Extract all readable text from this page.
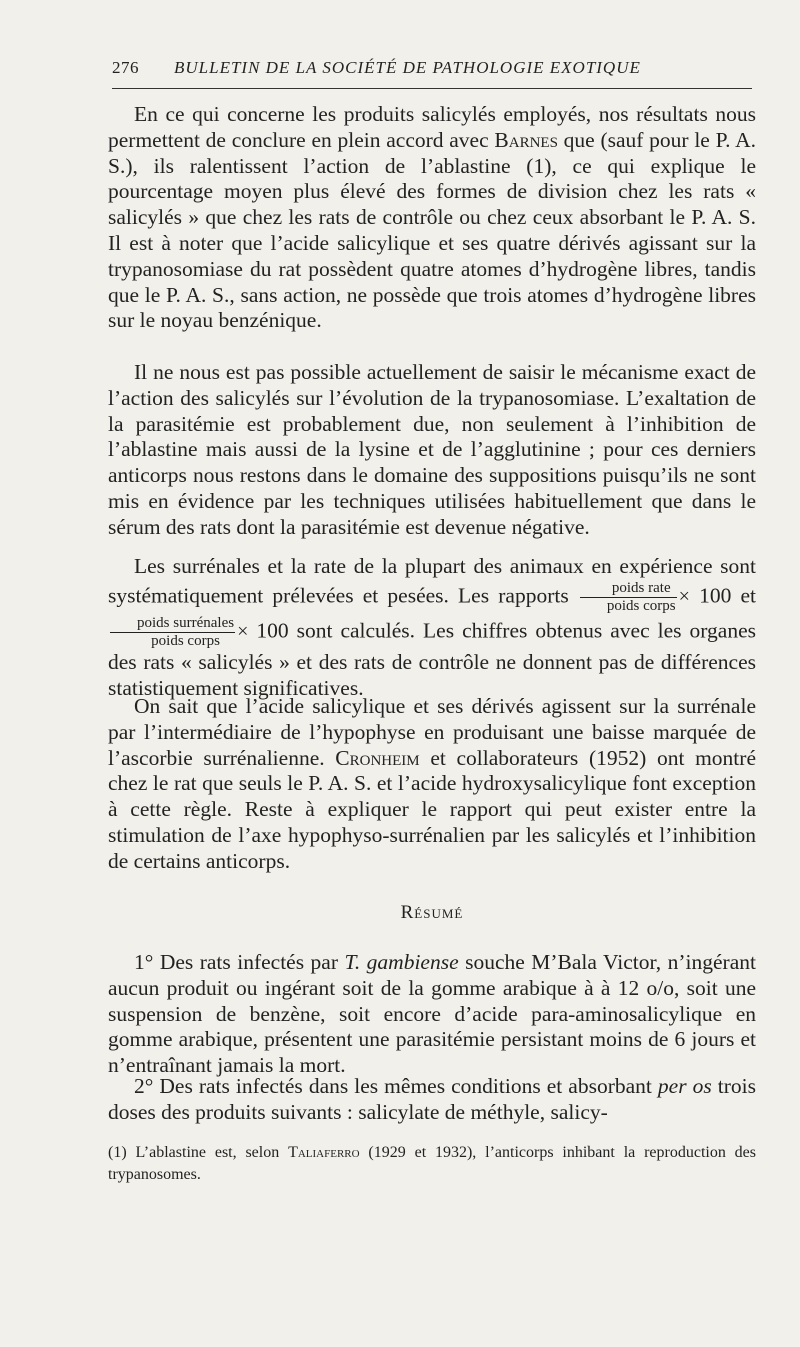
276 BULLETIN DE LA SOCIÉTÉ DE PATHOLOGIE EXOTIQUE

En ce qui concerne les produits salicylés employés, nos résultats nous permettent de conclure en plein accord avec Barnes que (sauf pour le P. A. S.), ils ralentissent l’action de l’ablastine (1), ce qui explique le pourcentage moyen plus élevé des formes de division chez les rats « salicylés » que chez les rats de contrôle ou chez ceux absorbant le P. A. S. Il est à noter que l’acide salicylique et ses quatre dérivés agissant sur la trypanosomiase du rat possèdent quatre atomes d’hydrogène libres, tandis que le P. A. S., sans action, ne possède que trois atomes d’hydrogène libres sur le noyau benzénique.

Il ne nous est pas possible actuellement de saisir le mécanisme exact de l’action des salicylés sur l’évolution de la trypanosomiase. L’exaltation de la parasitémie est probablement due, non seulement à l’inhibition de l’ablastine mais aussi de la lysine et de l’agglutinine ; pour ces derniers anticorps nous restons dans le domaine des suppositions puisqu’ils ne sont mis en évidence par les techniques utilisées habituellement que dans le sérum des rats dont la parasitémie est devenue négative.

Les surrénales et la rate de la plupart des animaux en expérience sont systématiquement prélevées et pesées. Les rapports $\frac{\text{poids rate}}{\text{poids corps}} \times 100$ et
$\frac{\text{poids surrénales}}{\text{poids corps}} \times 100$ sont calculés. Les chiffres obtenus avec les organes des rats « salicylés » et des rats de contrôle ne donnent pas de différences statistiquement significatives.

On sait que l’acide salicylique et ses dérivés agissent sur la surrénale par l’intermédiaire de l’hypophyse en produisant une baisse marquée de l’ascorbie surrénalienne. Cronheim et collaborateurs (1952) ont montré chez le rat que seuls le P. A. S. et l’acide hydroxysalicylique font exception à cette règle. Reste à expliquer le rapport qui peut exister entre la stimulation de l’axe hypophyso-surrénalien par les salicylés et l’inhibition de certains anticorps.

Résumé

1° Des rats infectés par T. gambiense souche M’Bala Victor, n’ingérant aucun produit ou ingérant soit de la gomme arabique à à 12 o/o, soit une suspension de benzène, soit encore d’acide para-aminosalicylique en gomme arabique, présentent une parasitémie persistant moins de 6 jours et n’entraînant jamais la mort.

2° Des rats infectés dans les mêmes conditions et absorbant per os trois doses des produits suivants : salicylate de méthyle, salicy-

(1) L’ablastine est, selon Taliaferro (1929 et 1932), l’anticorps inhibant la reproduction des trypanosomes.
